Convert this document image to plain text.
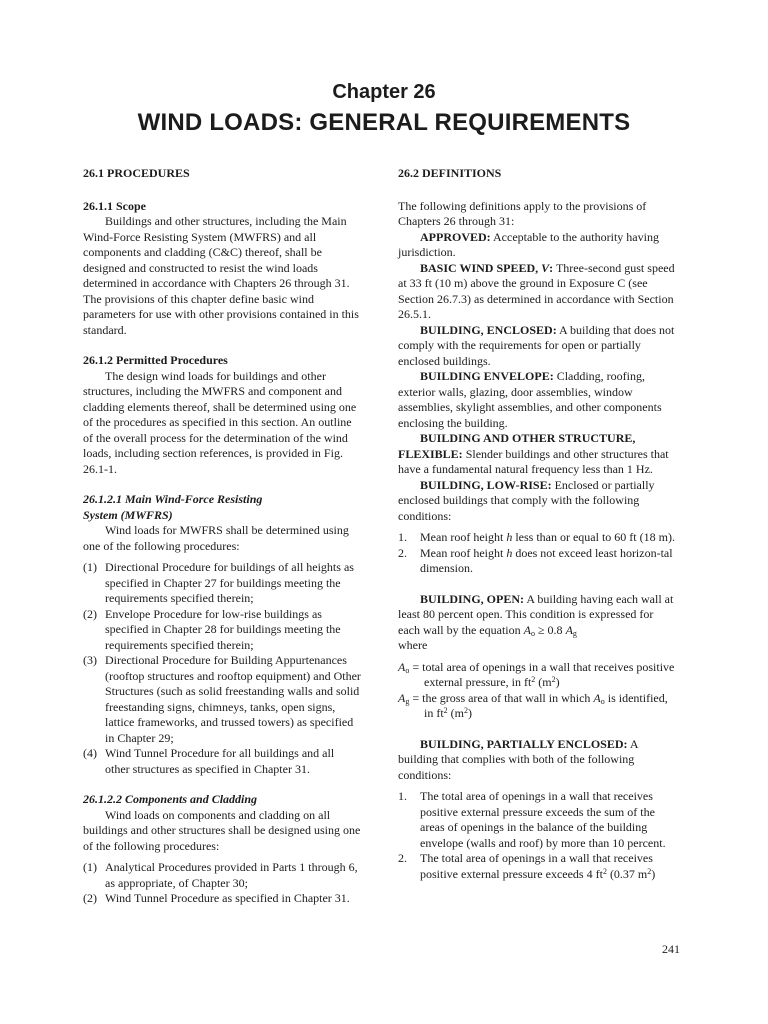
Chapter 26
WIND LOADS: GENERAL REQUIREMENTS

26.1 PROCEDURES

26.1.1 Scope

Buildings and other structures, including the Main Wind-Force Resisting System (MWFRS) and all components and cladding (C&C) thereof, shall be designed and constructed to resist the wind loads determined in accordance with Chapters 26 through 31. The provisions of this chapter define basic wind parameters for use with other provisions contained in this standard.

26.1.2 Permitted Procedures

The design wind loads for buildings and other structures, including the MWFRS and component and cladding elements thereof, shall be determined using one of the procedures as specified in this section. An outline of the overall process for the determination of the wind loads, including section references, is provided in Fig. 26.1-1.

26.1.2.1 Main Wind-Force Resisting
System (MWFRS)

Wind loads for MWFRS shall be determined using one of the following procedures:

(1) Directional Procedure for buildings of all heights as specified in Chapter 27 for buildings meeting the requirements specified therein;
(2) Envelope Procedure for low-rise buildings as specified in Chapter 28 for buildings meeting the requirements specified therein;
(3) Directional Procedure for Building Appurtenances (rooftop structures and rooftop equipment) and Other Structures (such as solid freestanding walls and solid freestanding signs, chimneys, tanks, open signs, lattice frameworks, and trussed towers) as specified in Chapter 29;
(4) Wind Tunnel Procedure for all buildings and all other structures as specified in Chapter 31.

26.1.2.2 Components and Cladding

Wind loads on components and cladding on all buildings and other structures shall be designed using one of the following procedures:

(1) Analytical Procedures provided in Parts 1 through 6, as appropriate, of Chapter 30;
(2) Wind Tunnel Procedure as specified in Chapter 31.

26.2 DEFINITIONS

The following definitions apply to the provisions of Chapters 26 through 31:

APPROVED: Acceptable to the authority having jurisdiction.

BASIC WIND SPEED, V: Three-second gust speed at 33 ft (10 m) above the ground in Exposure C (see Section 26.7.3) as determined in accordance with Section 26.5.1.

BUILDING, ENCLOSED: A building that does not comply with the requirements for open or partially enclosed buildings.

BUILDING ENVELOPE: Cladding, roofing, exterior walls, glazing, door assemblies, window assemblies, skylight assemblies, and other components enclosing the building.

BUILDING AND OTHER STRUCTURE, FLEXIBLE: Slender buildings and other structures that have a fundamental natural frequency less than 1 Hz.

BUILDING, LOW-RISE: Enclosed or partially enclosed buildings that comply with the following conditions:

1. Mean roof height h less than or equal to 60 ft (18 m).
2. Mean roof height h does not exceed least horizon-tal dimension.

BUILDING, OPEN: A building having each wall at least 80 percent open. This condition is expressed for each wall by the equation $A_o \ge 0.8$ $A_g$

where

$A_o$ = total area of openings in a wall that receives positive external pressure, in $ft^2$ $(m^2)$

$A_g$ = the gross area of that wall in which $A_o$ is identified, in $ft^2$ $(m^2)$

BUILDING, PARTIALLY ENCLOSED: A building that complies with both of the following conditions:

1. The total area of openings in a wall that receives positive external pressure exceeds the sum of the areas of openings in the balance of the building envelope (walls and roof) by more than 10 percent.
2. The total area of openings in a wall that receives positive external pressure exceeds 4 $ft^2$ (0.37 $m^2$)
241
